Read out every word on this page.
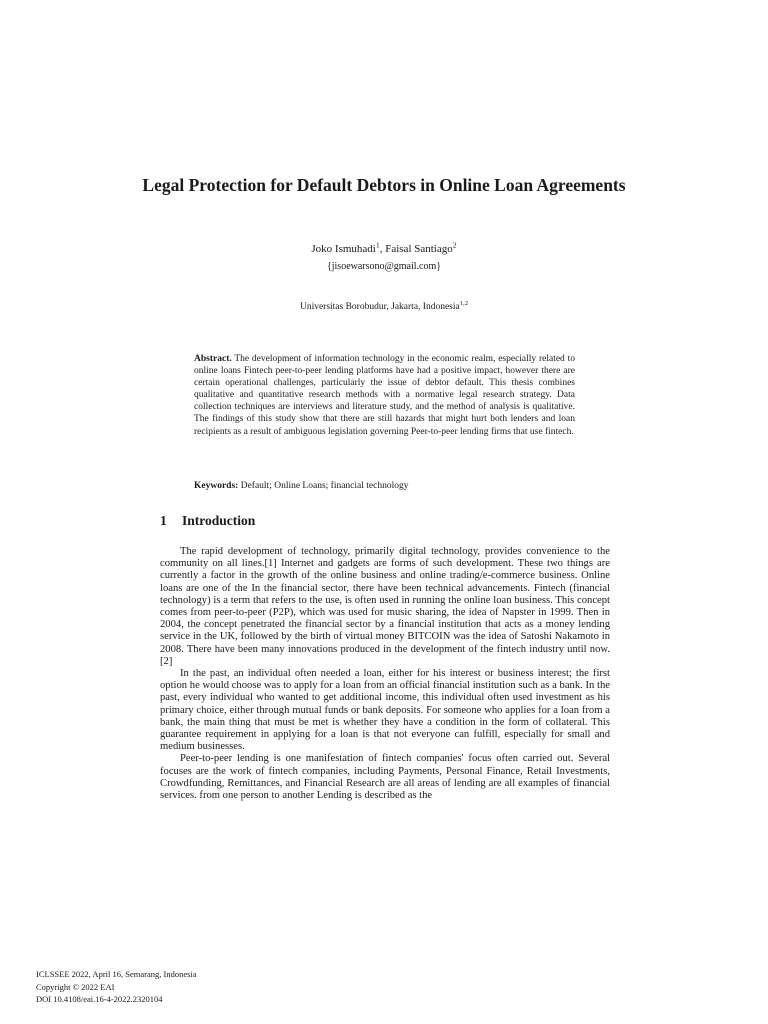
Legal Protection for Default Debtors in Online Loan Agreements
Joko Ismuhadi$^1$, Faisal Santiago$^2$
{jisoewarsono@gmail.com}
Universitas Borobudur, Jakarta, Indonesia$^{1,2}$
Abstract. The development of information technology in the economic realm, especially related to online loans Fintech peer-to-peer lending platforms have had a positive impact, however there are certain operational challenges, particularly the issue of debtor default. This thesis combines qualitative and quantitative research methods with a normative legal research strategy. Data collection techniques are interviews and literature study, and the method of analysis is qualitative. The findings of this study show that there are still hazards that might hurt both lenders and loan recipients as a result of ambiguous legislation governing Peer-to-peer lending firms that use fintech.
Keywords: Default; Online Loans; financial technology
1 Introduction

The rapid development of technology, primarily digital technology, provides convenience to the community on all lines.[1] Internet and gadgets are forms of such development. These two things are currently a factor in the growth of the online business and online trading/e-commerce business. Online loans are one of the In the financial sector, there have been technical advancements. Fintech (financial technology) is a term that refers to the use, is often used in running the online loan business. This concept comes from peer-to-peer (P2P), which was used for music sharing, the idea of Napster in 1999. Then in 2004, the concept penetrated the financial sector by a financial institution that acts as a money lending service in the UK, followed by the birth of virtual money BITCOIN was the idea of Satoshi Nakamoto in 2008. There have been many innovations produced in the development of the fintech industry until now.[2]

In the past, an individual often needed a loan, either for his interest or business interest; the first option he would choose was to apply for a loan from an official financial institution such as a bank. In the past, every individual who wanted to get additional income, this individual often used investment as his primary choice, either through mutual funds or bank deposits. For someone who applies for a loan from a bank, the main thing that must be met is whether they have a condition in the form of collateral. This guarantee requirement in applying for a loan is that not everyone can fulfill, especially for small and medium businesses.

Peer-to-peer lending is one manifestation of fintech companies' focus often carried out. Several focuses are the work of fintech companies, including Payments, Personal Finance, Retail Investments, Crowdfunding, Remittances, and Financial Research are all areas of lending are all examples of financial services. from one person to another Lending is described as the

ICLSSEE 2022, April 16, Semarang, Indonesia
Copyright © 2022 EAI
DOI 10.4108/eai.16-4-2022.2320104
